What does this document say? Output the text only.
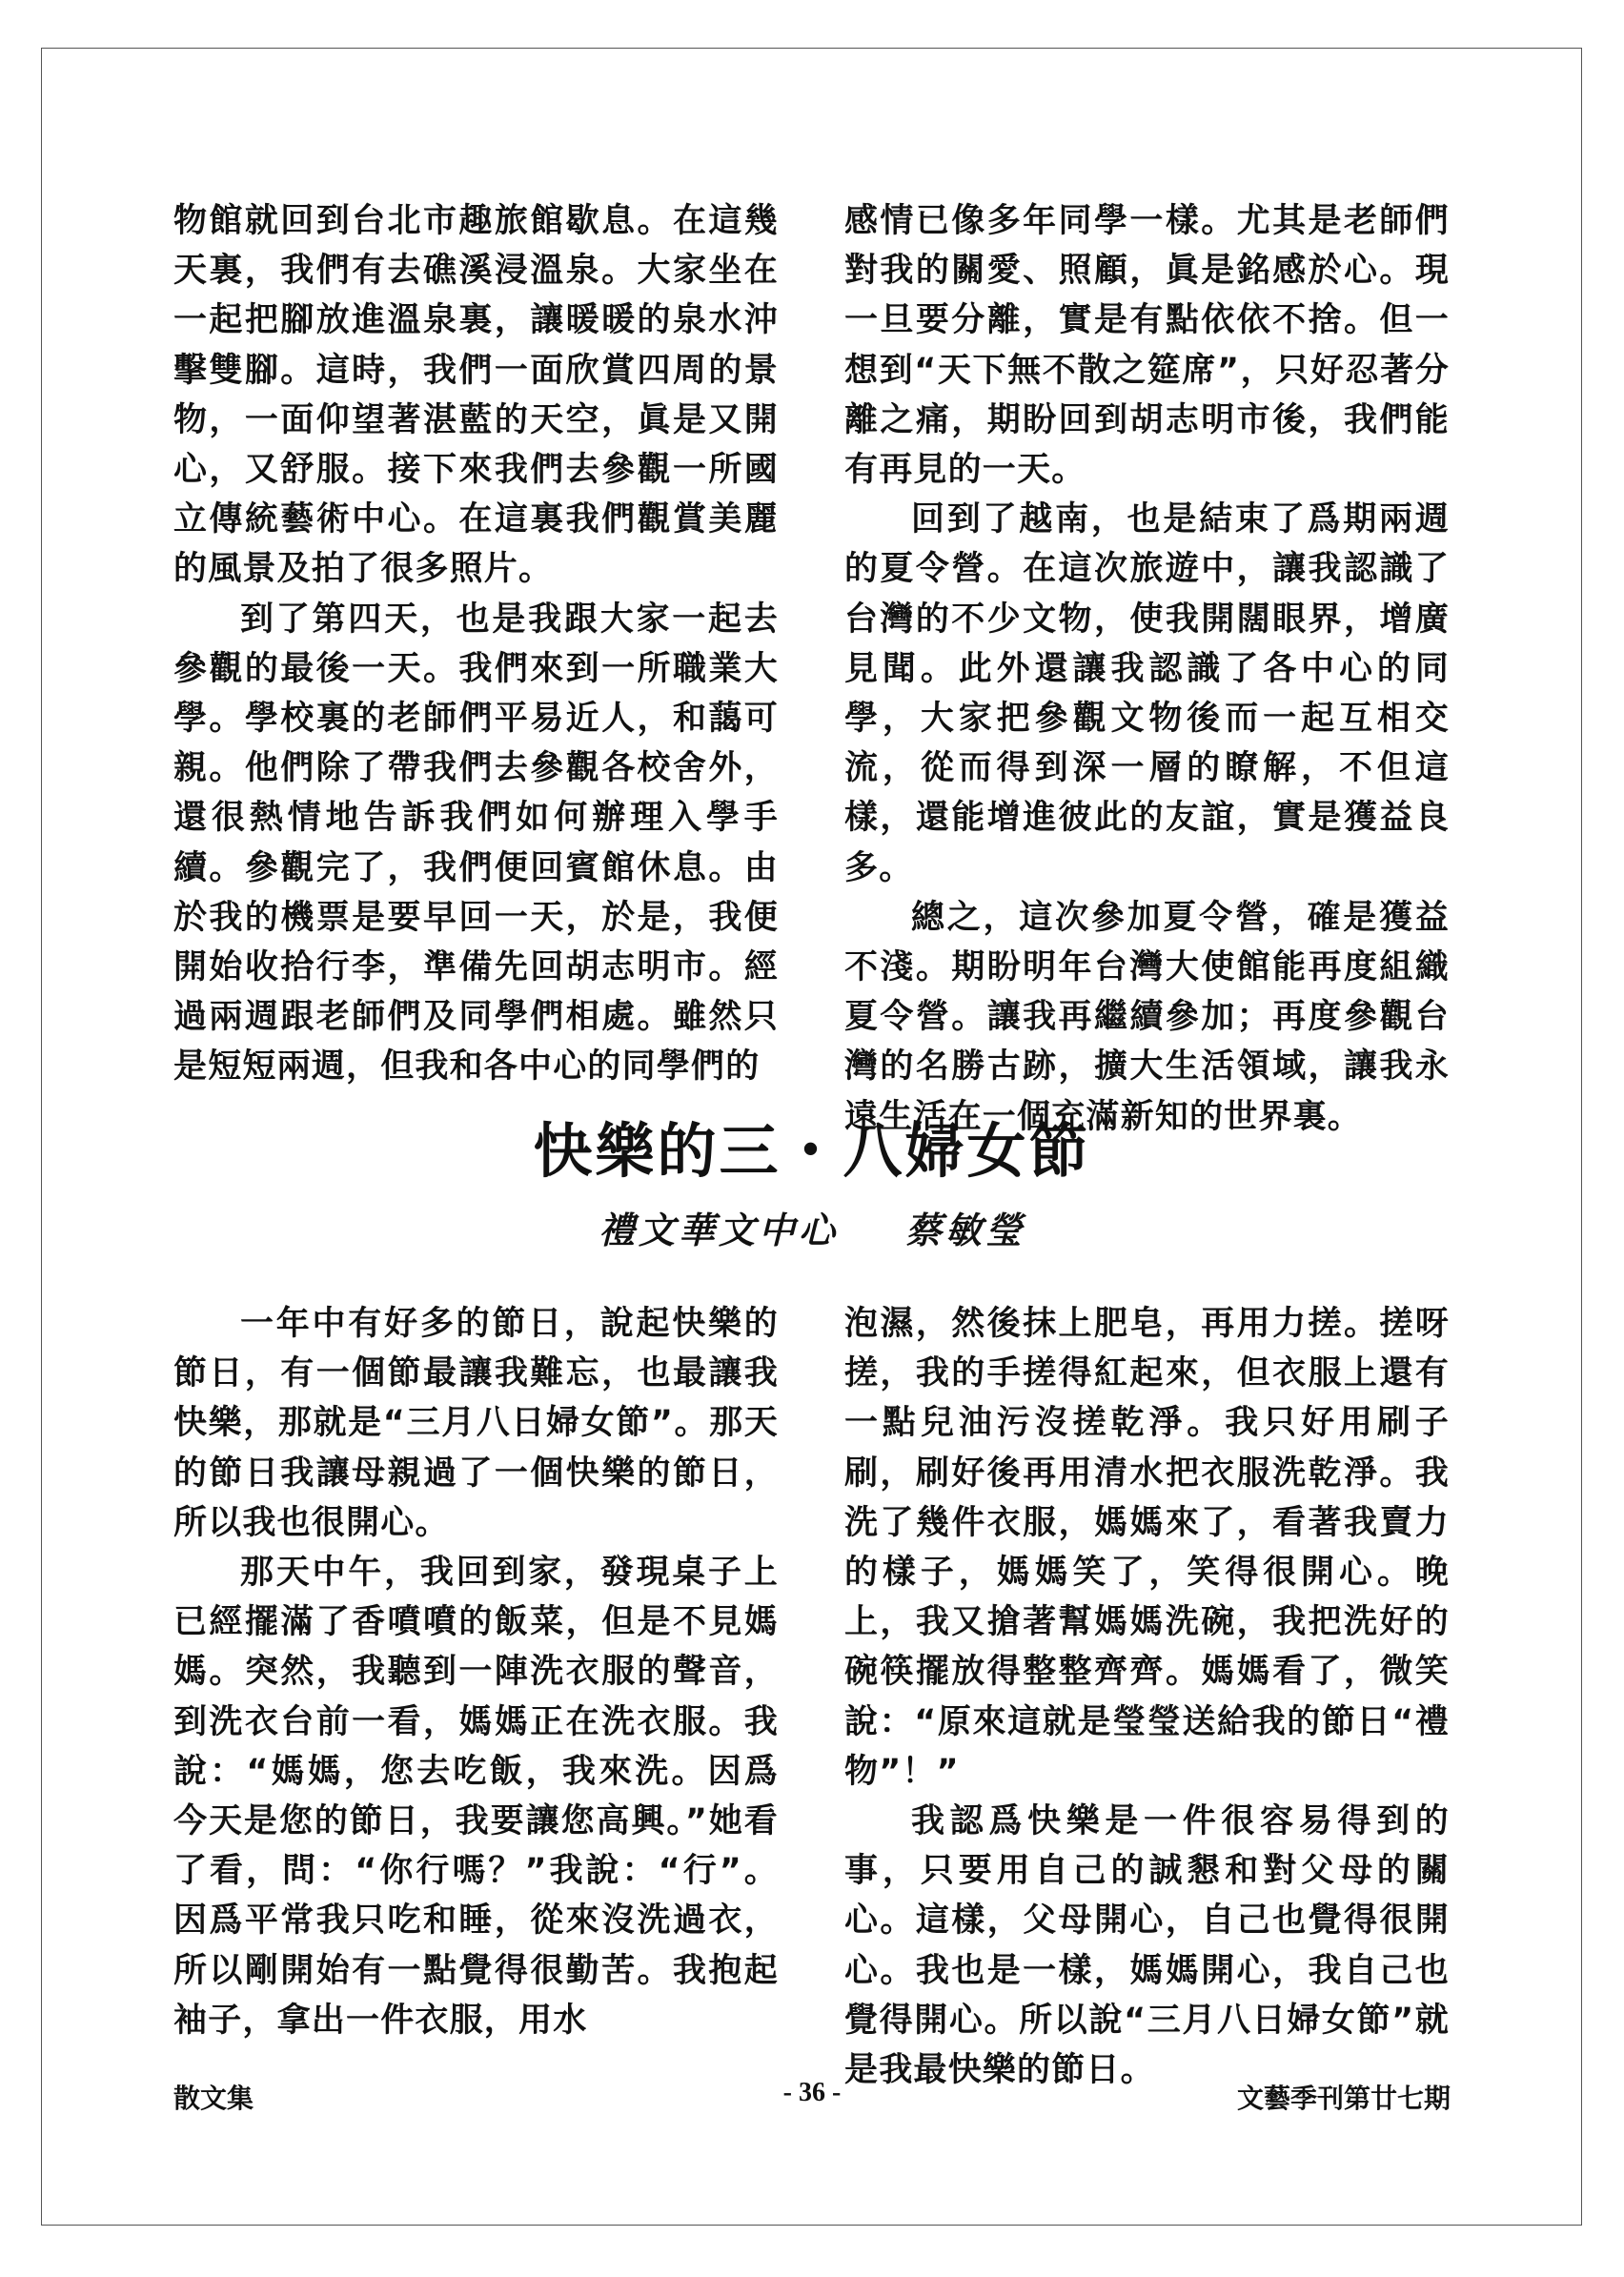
物館就回到台北市趣旅館歇息。在這幾天裏，我們有去礁溪浸溫泉。大家坐在一起把腳放進溫泉裏，讓暖暖的泉水沖擊雙腳。這時，我們一面欣賞四周的景物，一面仰望著湛藍的天空，眞是又開心，又舒服。接下來我們去參觀一所國立傳統藝術中心。在這裏我們觀賞美麗的風景及拍了很多照片。

到了第四天，也是我跟大家一起去參觀的最後一天。我們來到一所職業大學。學校裏的老師們平易近人，和藹可親。他們除了帶我們去參觀各校舍外，還很熱情地告訴我們如何辦理入學手續。參觀完了，我們便回賓館休息。由於我的機票是要早回一天，於是，我便開始收拾行李，準備先回胡志明市。經過兩週跟老師們及同學們相處。雖然只是短短兩週，但我和各中心的同學們的

感情已像多年同學一樣。尤其是老師們對我的關愛、照顧，眞是銘感於心。現一旦要分離，實是有點依依不捨。但一想到“天下無不散之筵席”，只好忍著分離之痛，期盼回到胡志明市後，我們能有再見的一天。

回到了越南，也是結束了爲期兩週的夏令營。在這次旅遊中，讓我認識了台灣的不少文物，使我開闊眼界，增廣見聞。此外還讓我認識了各中心的同學，大家把參觀文物後而一起互相交流，從而得到深一層的瞭解，不但這樣，還能增進彼此的友誼，實是獲益良多。

總之，這次參加夏令營，確是獲益不淺。期盼明年台灣大使館能再度組織夏令營。讓我再繼續參加；再度參觀台灣的名勝古跡，擴大生活領域，讓我永遠生活在一個充滿新知的世界裏。

快樂的三・八婦女節
禮文華文中心 蔡敏瑩

一年中有好多的節日，說起快樂的節日，有一個節最讓我難忘，也最讓我快樂，那就是“三月八日婦女節”。那天的節日我讓母親過了一個快樂的節日，所以我也很開心。

那天中午，我回到家，發現桌子上已經擺滿了香噴噴的飯菜，但是不見媽媽。突然，我聽到一陣洗衣服的聲音，到洗衣台前一看，媽媽正在洗衣服。我說：“媽媽，您去吃飯，我來洗。因爲今天是您的節日，我要讓您高興。”她看了看，問：“你行嗎？”我說：“行”。因爲平常我只吃和睡，從來沒洗過衣，所以剛開始有一點覺得很勤苦。我抱起袖子，拿出一件衣服，用水

泡濕，然後抹上肥皂，再用力搓。搓呀搓，我的手搓得紅起來，但衣服上還有一點兒油污沒搓乾淨。我只好用刷子刷，刷好後再用清水把衣服洗乾淨。我洗了幾件衣服，媽媽來了，看著我賣力的樣子，媽媽笑了，笑得很開心。晚上，我又搶著幫媽媽洗碗，我把洗好的碗筷擺放得整整齊齊。媽媽看了，微笑說：“原來這就是瑩瑩送給我的節日“禮物”！”

我認爲快樂是一件很容易得到的事，只要用自己的誠懇和對父母的關心。這樣，父母開心，自己也覺得很開心。我也是一樣，媽媽開心，我自己也覺得開心。所以說“三月八日婦女節”就是我最快樂的節日。

散文集	- 36 -	文藝季刊第廿七期
